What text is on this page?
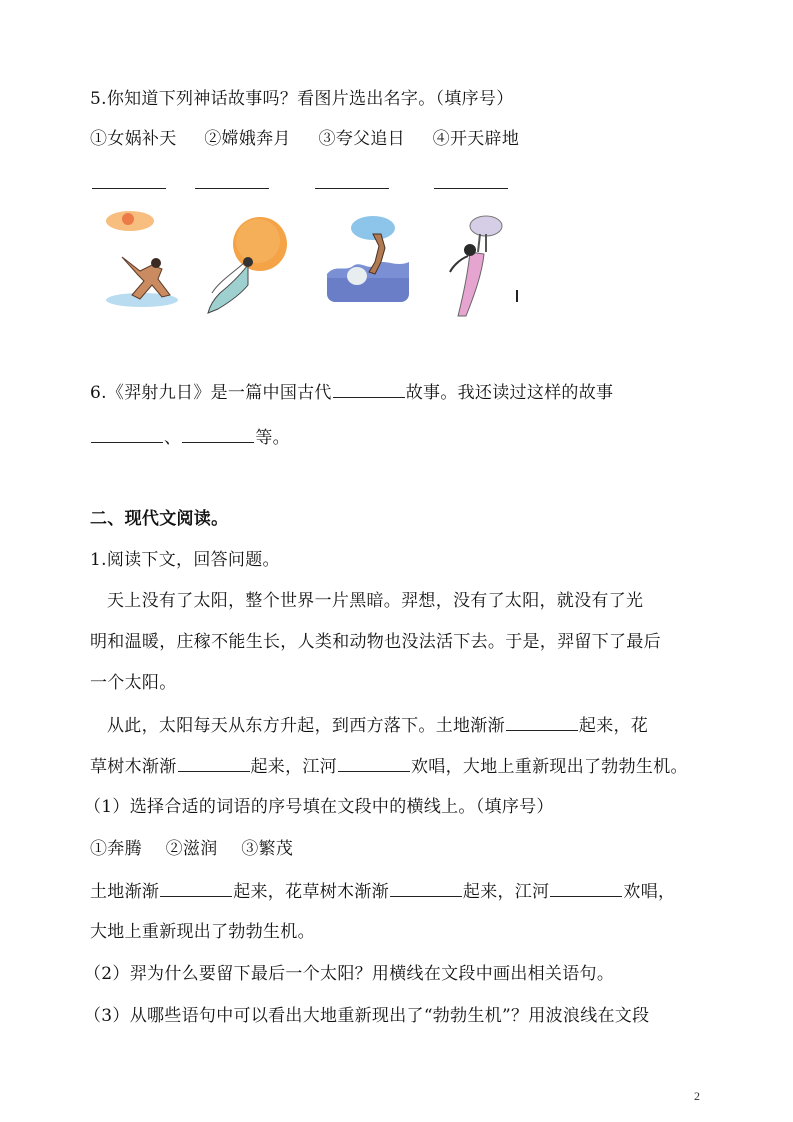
5.你知道下列神话故事吗？看图片选出名字。（填序号）
①女娲补天 ②嫦娥奔月 ③夸父追日 ④开天辟地

6.《羿射九日》是一篇中国古代	故事。我还读过这样的故事
、	等。
二、现代文阅读。
1.阅读下文，回答问题。
天上没有了太阳，整个世界一片黑暗。羿想，没有了太阳，就没有了光
明和温暖，庄稼不能生长，人类和动物也没法活下去。于是，羿留下了最后
一个太阳。
从此，太阳每天从东方升起，到西方落下。土地渐渐	起来，花
草树木渐渐	起来，江河	欢唱，大地上重新现出了勃勃生机。
（1）选择合适的词语的序号填在文段中的横线上。（填序号）
①奔腾 ②滋润 ③繁茂
土地渐渐	起来，花草树木渐渐	起来，江河	欢唱，
大地上重新现出了勃勃生机。
（2）羿为什么要留下最后一个太阳？用横线在文段中画出相关语句。
（3）从哪些语句中可以看出大地重新现出了“勃勃生机”？用波浪线在文段
2
